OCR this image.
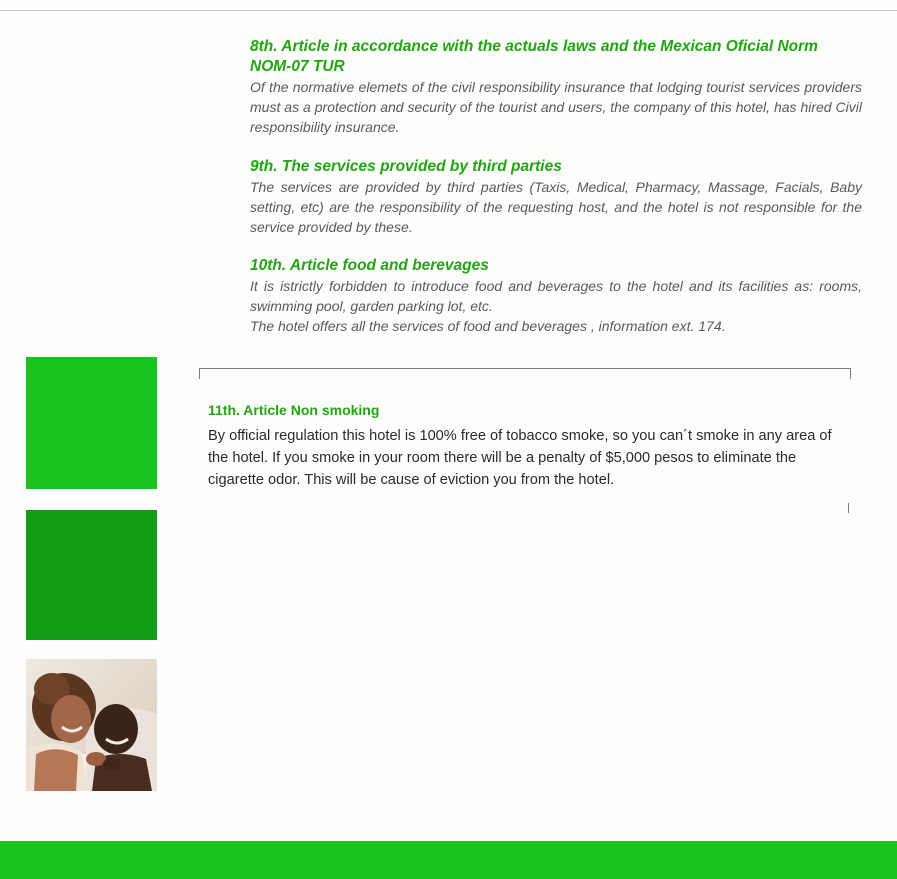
8th. Article in accordance with the actuals laws and the Mexican Oficial Norm NOM-07 TUR

Of the normative elemets of the civil responsibility insurance that lodging tourist services providers must as a protection and security of the tourist and users, the company of this hotel, has hired Civil responsibility insurance.

9th. The services provided by third parties

The services are provided by third parties (Taxis, Medical, Pharmacy, Massage, Facials, Baby setting, etc) are the responsibility of the requesting host, and the hotel is not responsible for the service provided by these.

10th. Article food and berevages

It is istrictly forbidden to introduce food and beverages to the hotel and its facilities as: rooms, swimming pool, garden parking lot, etc.

The hotel offers all the services of food and beverages , information ext. 174.

11th. Article Non smoking

By official regulation this hotel is 100% free of tobacco smoke, so you can´t smoke in any area of the hotel. If you smoke in your room there will be a penalty of $5,000 pesos to eliminate the cigarette odor. This will be cause of eviction you from the hotel.
